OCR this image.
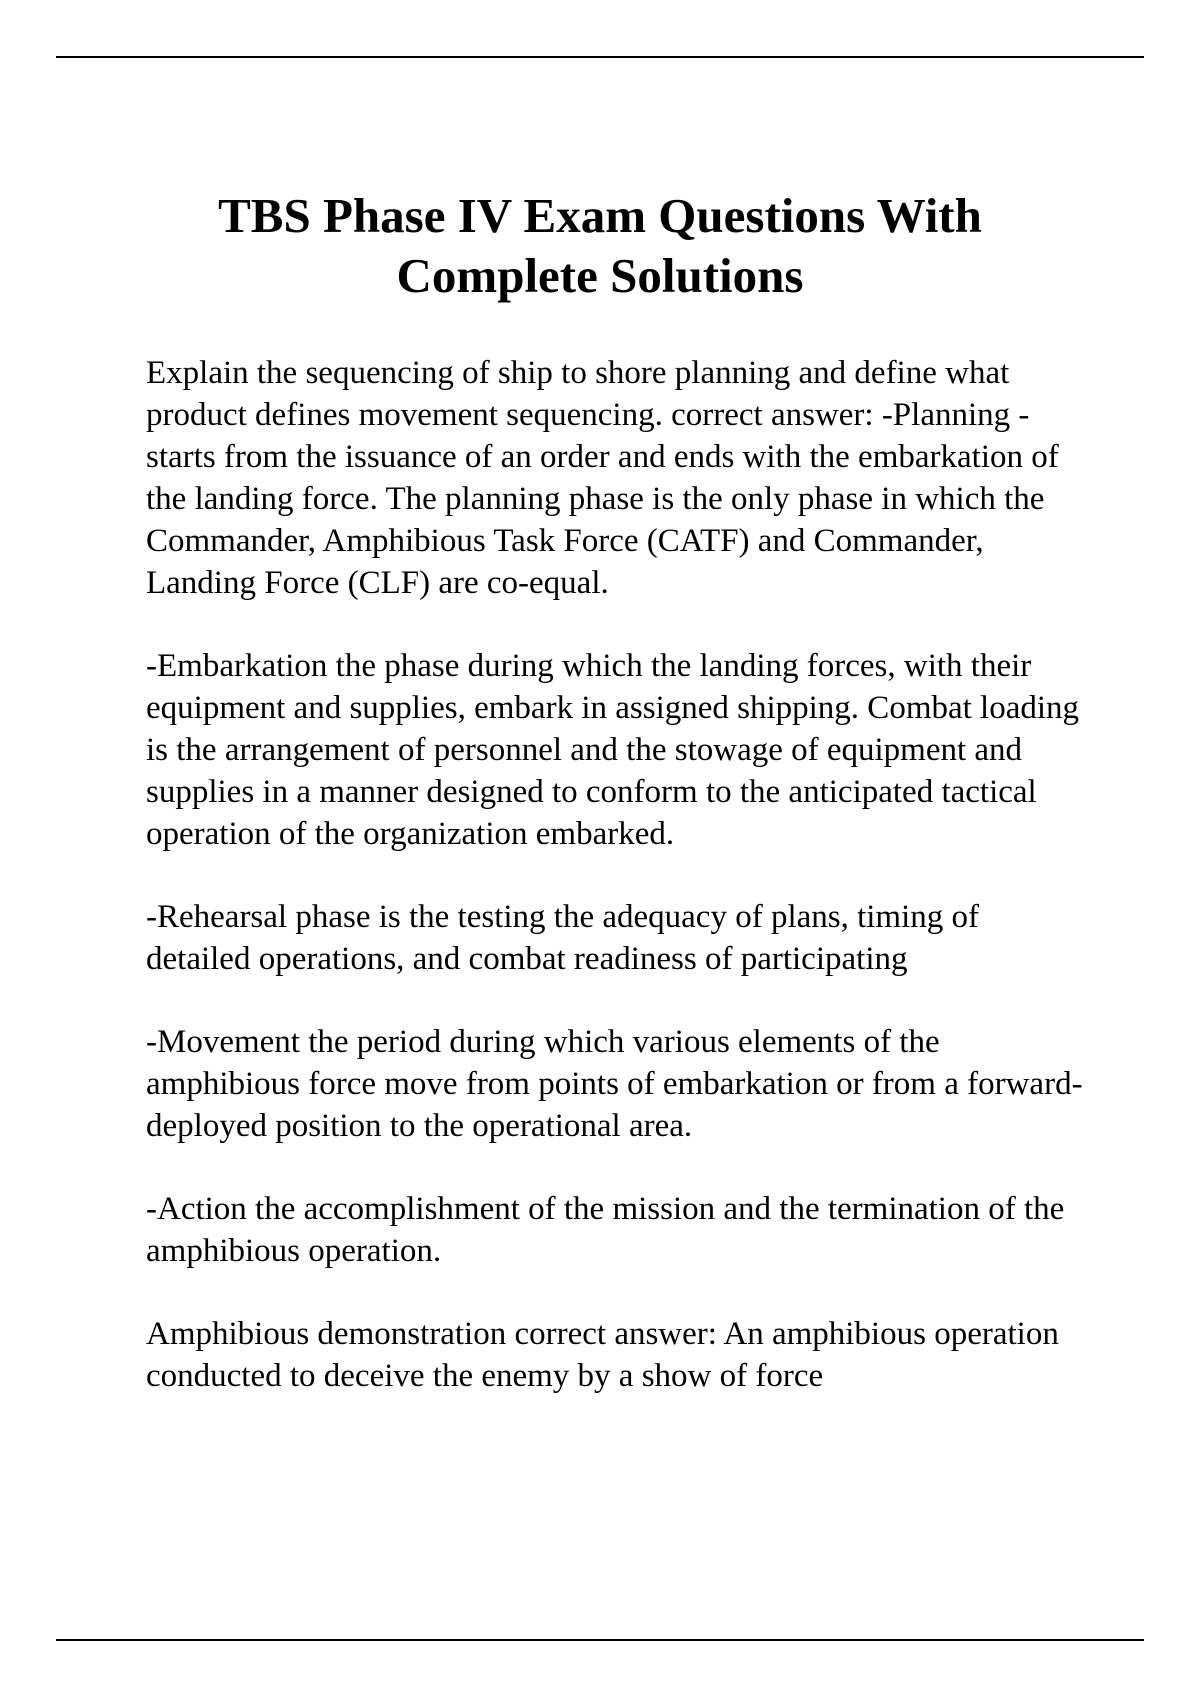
TBS Phase IV Exam Questions With
Complete Solutions

Explain the sequencing of ship to shore planning and define what product defines movement sequencing. correct answer: -Planning -starts from the issuance of an order and ends with the embarkation of the landing force. The planning phase is the only phase in which the Commander, Amphibious Task Force (CATF) and Commander, Landing Force (CLF) are co-equal.

-Embarkation the phase during which the landing forces, with their equipment and supplies, embark in assigned shipping. Combat loading is the arrangement of personnel and the stowage of equipment and supplies in a manner designed to conform to the anticipated tactical operation of the organization embarked.

-Rehearsal phase is the testing the adequacy of plans, timing of detailed operations, and combat readiness of participating

-Movement the period during which various elements of the amphibious force move from points of embarkation or from a forward-deployed position to the operational area.

-Action the accomplishment of the mission and the termination of the amphibious operation.

Amphibious demonstration correct answer: An amphibious operation conducted to deceive the enemy by a show of force
